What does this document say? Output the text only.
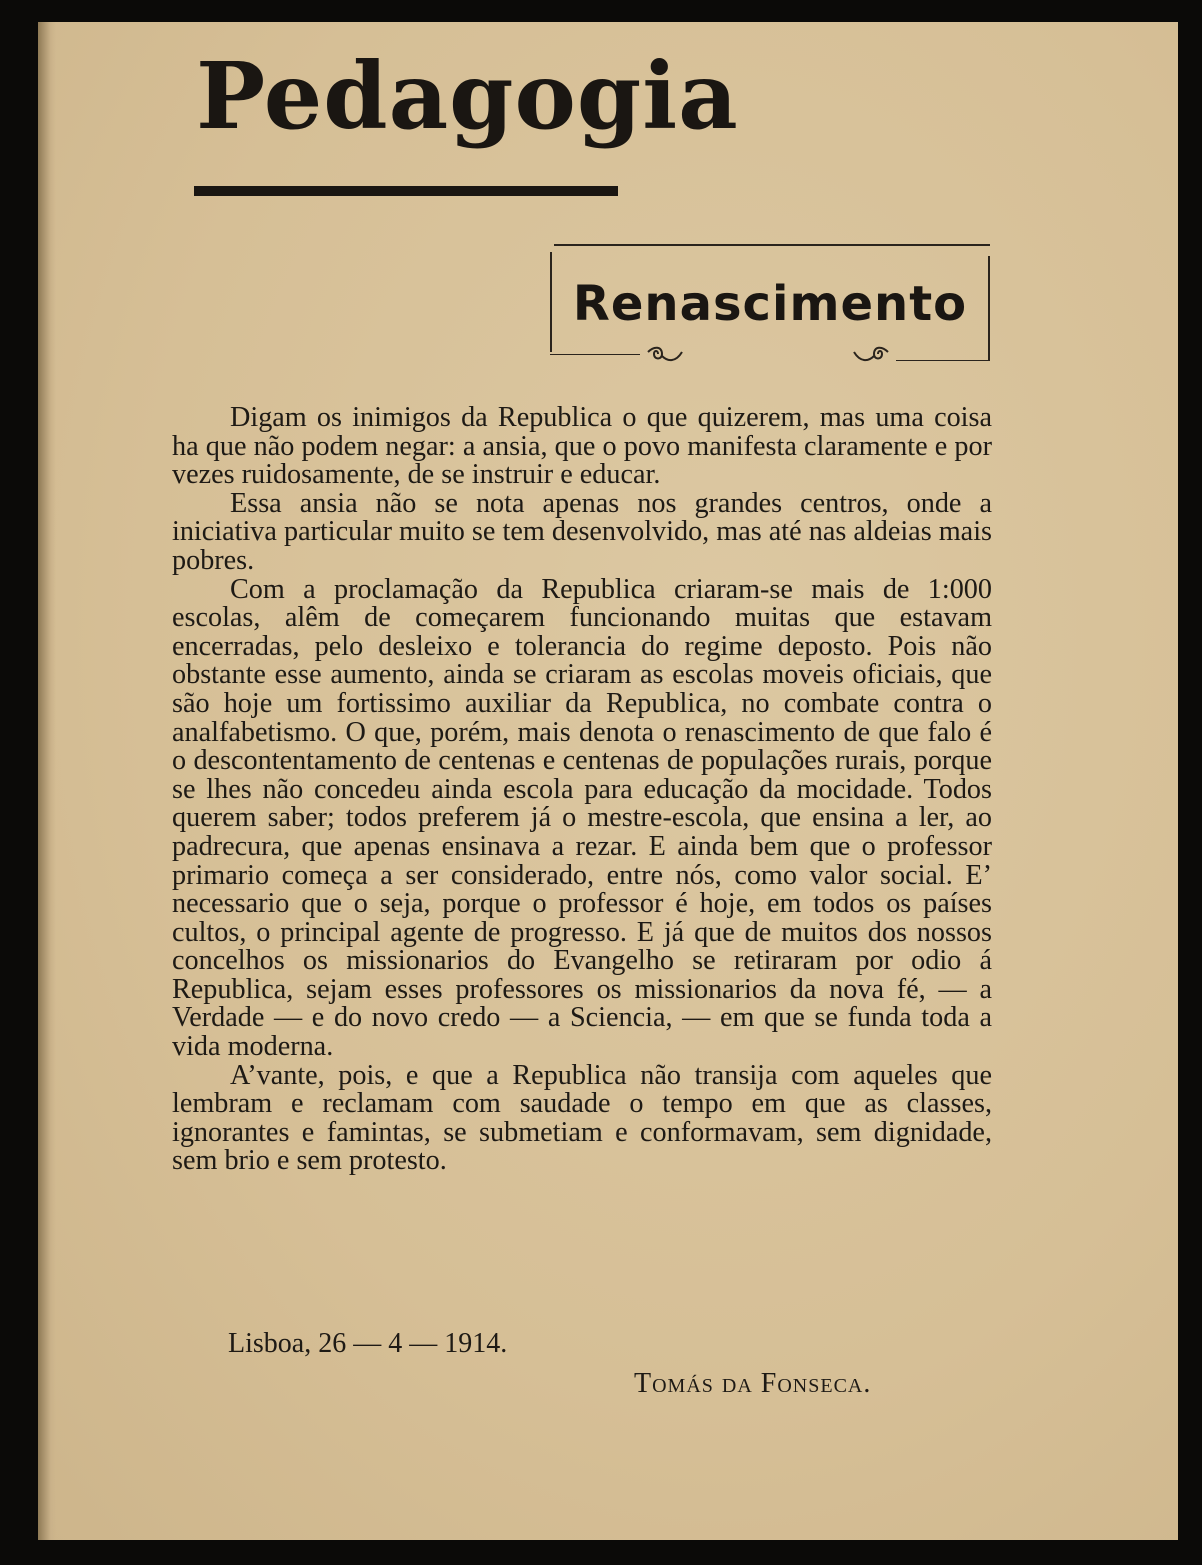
Pedagogia
Renascimento

Digam os inimigos da Republica o que quizerem, mas uma coisa ha que não podem negar: a ansia, que o povo manifesta claramente e por vezes ruidosamente, de se instruir e educar.

Essa ansia não se nota apenas nos grandes centros, onde a iniciativa particular muito se tem desenvolvido, mas até nas aldeias mais pobres.

Com a proclamação da Republica criaram-se mais de 1:000 escolas, alêm de começarem funcionando muitas que estavam encerradas, pelo desleixo e tolerancia do regime deposto. Pois não obstante esse aumento, ainda se criaram as escolas moveis oficiais, que são hoje um fortissimo auxiliar da Republica, no combate contra o analfabetismo. O que, porém, mais denota o renascimento de que falo é o descontentamento de centenas e centenas de populações rurais, porque se lhes não concedeu ainda escola para educação da mocidade. Todos querem saber; todos preferem já o mestre-escola, que ensina a ler, ao padrecura, que apenas ensinava a rezar. E ainda bem que o professor primario começa a ser considerado, entre nós, como valor social. E’ necessario que o seja, porque o professor é hoje, em todos os países cultos, o principal agente de progresso. E já que de muitos dos nossos concelhos os missionarios do Evangelho se retiraram por odio á Republica, sejam esses professores os missionarios da nova fé, — a Verdade — e do novo credo — a Sciencia, — em que se funda toda a vida moderna.

A’vante, pois, e que a Republica não transija com aqueles que lembram e reclamam com saudade o tempo em que as classes, ignorantes e famintas, se submetiam e conformavam, sem dignidade, sem brio e sem protesto.

Lisboa, 26 — 4 — 1914.
Tomás da Fonseca.
